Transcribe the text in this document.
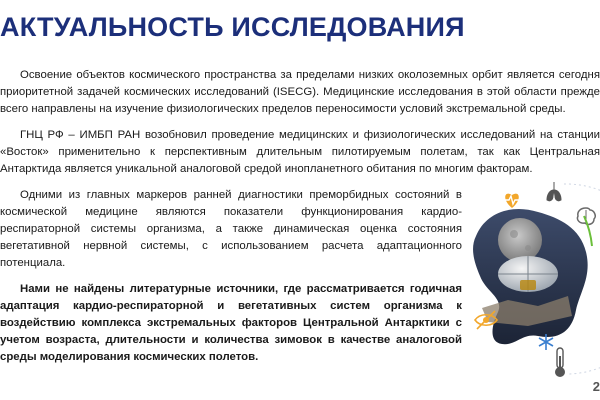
АКТУАЛЬНОСТЬ ИССЛЕДОВАНИЯ

Освоение объектов космического пространства за пределами низких околоземных орбит является сегодня приоритетной задачей космических исследований (ISECG). Медицинские исследования в этой области прежде всего направлены на изучение физиологических пределов переносимости условий экстремальной среды.

ГНЦ РФ – ИМБП РАН возобновил проведение медицинских и физиологических исследований на станции «Восток» применительно к перспективным длительным пилотируемым полетам, так как Центральная Антарктида является уникальной аналоговой средой инопланетного обитания по многим факторам.

Одними из главных маркеров ранней диагностики преморбидных состояний в космической медицине являются показатели функционирования кардио-респираторной системы организма, а также динамическая оценка состояния вегетативной нервной системы, с использованием расчета адаптационного потенциала.

Нами не найдены литературные источники, где рассматривается годичная адаптация кардио-респираторной и вегетативных систем организма к воздействию комплекса экстремальных факторов Центральной Антарктики с учетом возраста, длительности и количества зимовок в качестве аналоговой среды моделирования космических полетов.

2
